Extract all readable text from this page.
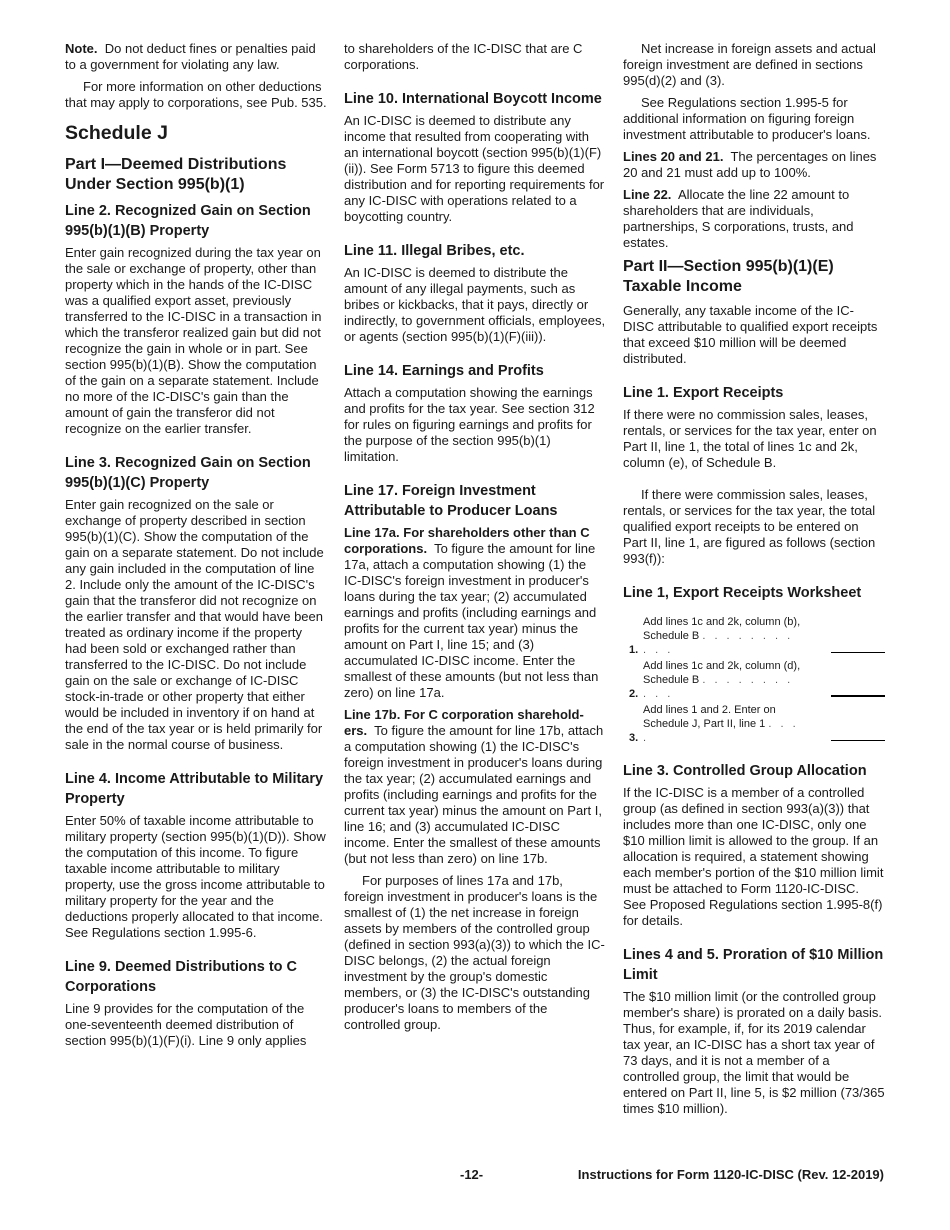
Note. Do not deduct fines or penalties paid to a government for violating any law.

For more information on other deductions that may apply to corporations, see Pub. 535.

Schedule J
Part I—Deemed Distributions Under Section 995(b)(1)
Line 2. Recognized Gain on Section 995(b)(1)(B) Property

Enter gain recognized during the tax year on the sale or exchange of property, other than property which in the hands of the IC-DISC was a qualified export asset, previously transferred to the IC-DISC in a transaction in which the transferor realized gain but did not recognize the gain in whole or in part. See section 995(b)(1)(B). Show the computation of the gain on a separate statement. Include no more of the IC-DISC's gain than the amount of gain the transferor did not recognize on the earlier transfer.

Line 3. Recognized Gain on Section 995(b)(1)(C) Property

Enter gain recognized on the sale or exchange of property described in section 995(b)(1)(C). Show the computation of the gain on a separate statement. Do not include any gain included in the computation of line 2. Include only the amount of the IC-DISC's gain that the transferor did not recognize on the earlier transfer and that would have been treated as ordinary income if the property had been sold or exchanged rather than transferred to the IC-DISC. Do not include gain on the sale or exchange of IC-DISC stock-in-trade or other property that either would be included in inventory if on hand at the end of the tax year or is held primarily for sale in the normal course of business.

Line 4. Income Attributable to Military Property

Enter 50% of taxable income attributable to military property (section 995(b)(1)(D)). Show the computation of this income. To figure taxable income attributable to military property, use the gross income attributable to military property for the year and the deductions properly allocated to that income. See Regulations section 1.995-6.

Line 9. Deemed Distributions to C Corporations

Line 9 provides for the computation of the one-seventeenth deemed distribution of section 995(b)(1)(F)(i). Line 9 only applies

to shareholders of the IC-DISC that are C corporations.

Line 10. International Boycott Income

An IC-DISC is deemed to distribute any income that resulted from cooperating with an international boycott (section 995(b)(1)(F)(ii)). See Form 5713 to figure this deemed distribution and for reporting requirements for any IC-DISC with operations related to a boycotting country.

Line 11. Illegal Bribes, etc.

An IC-DISC is deemed to distribute the amount of any illegal payments, such as bribes or kickbacks, that it pays, directly or indirectly, to government officials, employees, or agents (section 995(b)(1)(F)(iii)).

Line 14. Earnings and Profits

Attach a computation showing the earnings and profits for the tax year. See section 312 for rules on figuring earnings and profits for the purpose of the section 995(b)(1) limitation.

Line 17. Foreign Investment Attributable to Producer Loans

Line 17a. For shareholders other than C corporations. To figure the amount for line 17a, attach a computation showing (1) the IC-DISC's foreign investment in producer's loans during the tax year; (2) accumulated earnings and profits (including earnings and profits for the current tax year) minus the amount on Part I, line 15; and (3) accumulated IC-DISC income. Enter the smallest of these amounts (but not less than zero) on line 17a.

Line 17b. For C corporation sharehold-ers. To figure the amount for line 17b, attach a computation showing (1) the IC-DISC's foreign investment in producer's loans during the tax year; (2) accumulated earnings and profits (including earnings and profits for the current tax year) minus the amount on Part I, line 16; and (3) accumulated IC-DISC income. Enter the smallest of these amounts (but not less than zero) on line 17b.

For purposes of lines 17a and 17b, foreign investment in producer's loans is the smallest of (1) the net increase in foreign assets by members of the controlled group (defined in section 993(a)(3)) to which the IC-DISC belongs, (2) the actual foreign investment by the group's domestic members, or (3) the IC-DISC's outstanding producer's loans to members of the controlled group.

Net increase in foreign assets and actual foreign investment are defined in sections 995(d)(2) and (3).

See Regulations section 1.995-5 for additional information on figuring foreign investment attributable to producer's loans.

Lines 20 and 21. The percentages on lines 20 and 21 must add up to 100%.

Line 22. Allocate the line 22 amount to shareholders that are individuals, partnerships, S corporations, trusts, and estates.

Part II—Section 995(b)(1)(E) Taxable Income

Generally, any taxable income of the IC-DISC attributable to qualified export receipts that exceed $10 million will be deemed distributed.

Line 1. Export Receipts

If there were no commission sales, leases, rentals, or services for the tax year, enter on Part II, line 1, the total of lines 1c and 2k, column (e), of Schedule B.

If there were commission sales, leases, rentals, or services for the tax year, the total qualified export receipts to be entered on Part II, line 1, are figured as follows (section 993(f)):

Line 1, Export Receipts Worksheet
1.
Add lines 1c and 2k, column (b),
Schedule B . . . . . . . . . . .
2.
Add lines 1c and 2k, column (d),
Schedule B . . . . . . . . . . .
3.
Add lines 1 and 2. Enter on
Schedule J, Part II, line 1 . . . .
Line 3. Controlled Group Allocation

If the IC-DISC is a member of a controlled group (as defined in section 993(a)(3)) that includes more than one IC-DISC, only one $10 million limit is allowed to the group. If an allocation is required, a statement showing each member's portion of the $10 million limit must be attached to Form 1120-IC-DISC. See Proposed Regulations section 1.995-8(f) for details.

Lines 4 and 5. Proration of $10 Million Limit

The $10 million limit (or the controlled group member's share) is prorated on a daily basis. Thus, for example, if, for its 2019 calendar tax year, an IC-DISC has a short tax year of 73 days, and it is not a member of a controlled group, the limit that would be entered on Part II, line 5, is $2 million (73/365 times $10 million).

-12-	Instructions for Form 1120-IC-DISC (Rev. 12-2019)
